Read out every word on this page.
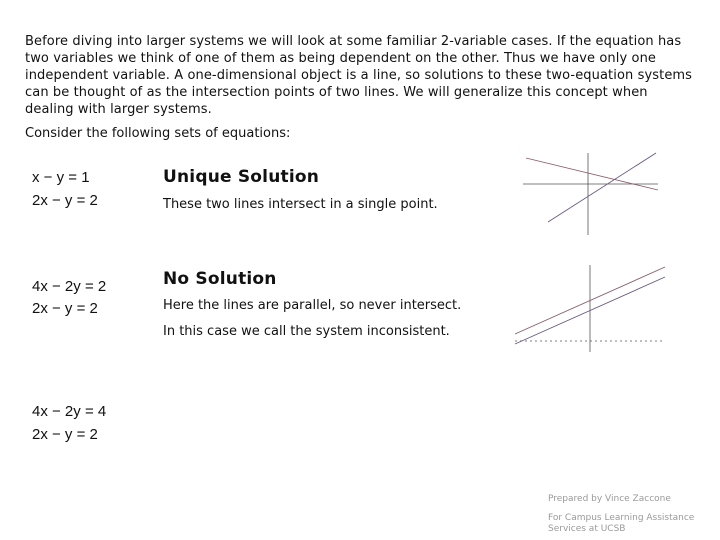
Before diving into larger systems we will look at some familiar 2-variable cases. If the equation has two variables we think of one of them as being dependent on the other. Thus we have only one independent variable. A one-dimensional object is a line, so solutions to these two-equation systems can be thought of as the intersection points of two lines. We will generalize this concept when dealing with larger systems.
Consider the following sets of equations:
x − y = 1
2x − y = 2
Unique Solution
These two lines intersect in a single point.
4x − 2y = 2
2x − y = 2
No Solution
Here the lines are parallel, so never intersect.
In this case we call the system inconsistent.
4x − 2y = 4
2x − y = 2
Prepared by Vince Zaccone
For Campus Learning Assistance Services at UCSB
